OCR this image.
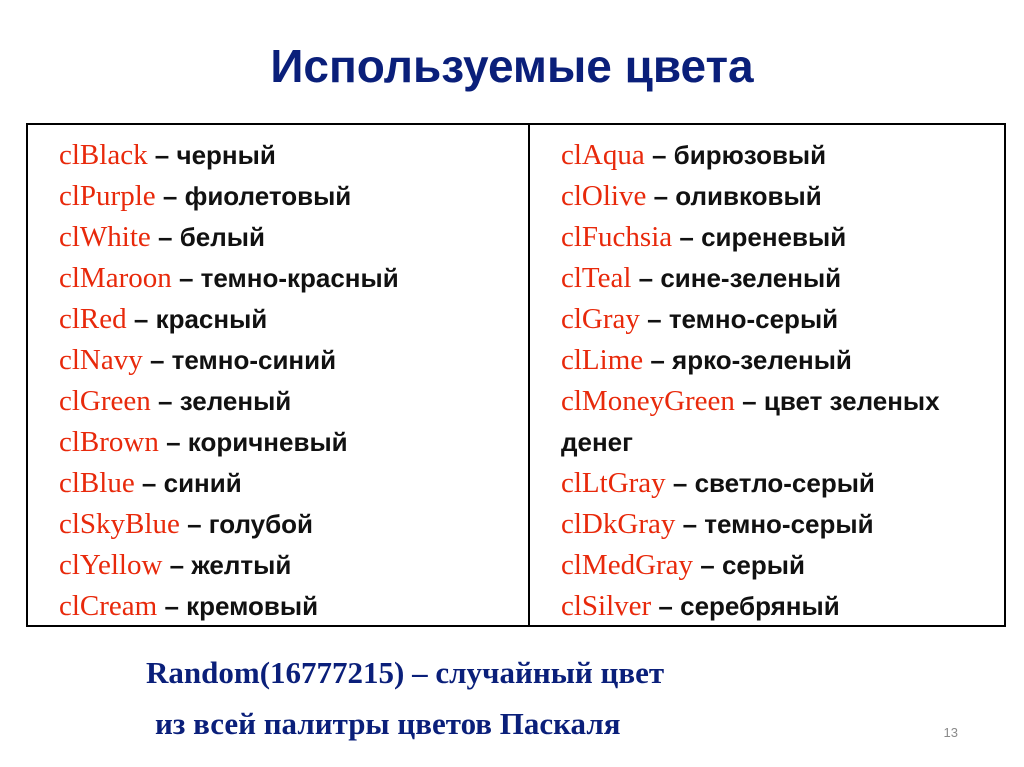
Используемые цвета
clBlack – черный
clPurple – фиолетовый
clWhite – белый
clMaroon – темно-красный
clRed – красный
clNavy – темно-синий
clGreen – зеленый
clBrown – коричневый
clBlue – синий
clSkyBlue – голубой
clYellow – желтый
clCream – кремовый
clAqua – бирюзовый
clOlive – оливковый
clFuchsia – сиреневый
clTeal – сине-зеленый
clGray – темно-серый
clLime – ярко-зеленый
clMoneyGreen – цвет зеленых денег
clLtGray – светло-серый
clDkGray – темно-серый
clMedGray – серый
clSilver – серебряный

Random(16777215) – случайный цвет

из всей палитры цветов Паскаля	13
